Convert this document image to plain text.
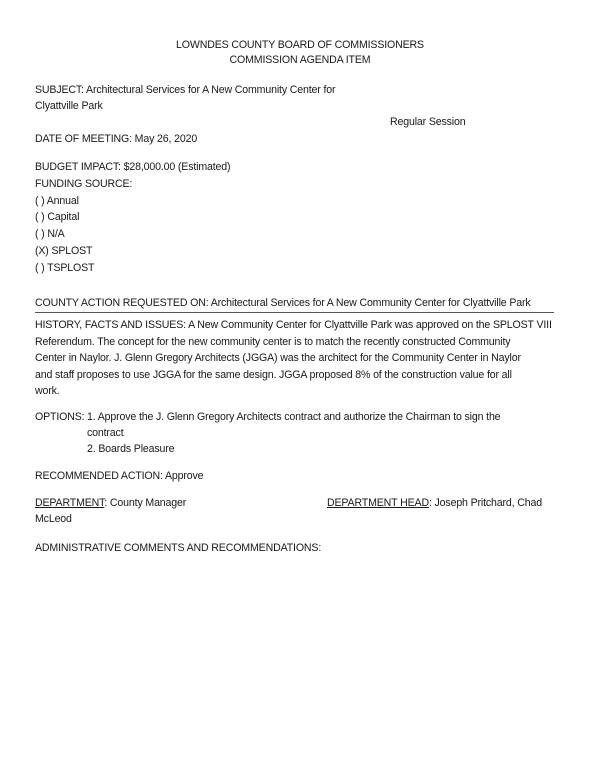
LOWNDES COUNTY BOARD OF COMMISSIONERS
COMMISSION AGENDA ITEM
SUBJECT: Architectural Services for A New Community Center for
Clyattville Park
Regular Session
DATE OF MEETING: May 26, 2020
BUDGET IMPACT: $28,000.00 (Estimated)
FUNDING SOURCE:
( ) Annual
( ) Capital
( ) N/A
(X) SPLOST
( ) TSPLOST
COUNTY ACTION REQUESTED ON: Architectural Services for A New Community Center for Clyattville Park
HISTORY, FACTS AND ISSUES: A New Community Center for Clyattville Park was approved on the SPLOST VIII
Referendum. The concept for the new community center is to match the recently constructed Community
Center in Naylor. J. Glenn Gregory Architects (JGGA) was the architect for the Community Center in Naylor
and staff proposes to use JGGA for the same design. JGGA proposed 8% of the construction value for all
work.
OPTIONS: 1. Approve the J. Glenn Gregory Architects contract and authorize the Chairman to sign the
contract
2. Boards Pleasure
RECOMMENDED ACTION: Approve
DEPARTMENT: County Manager	DEPARTMENT HEAD: Joseph Pritchard, Chad
McLeod
ADMINISTRATIVE COMMENTS AND RECOMMENDATIONS:
